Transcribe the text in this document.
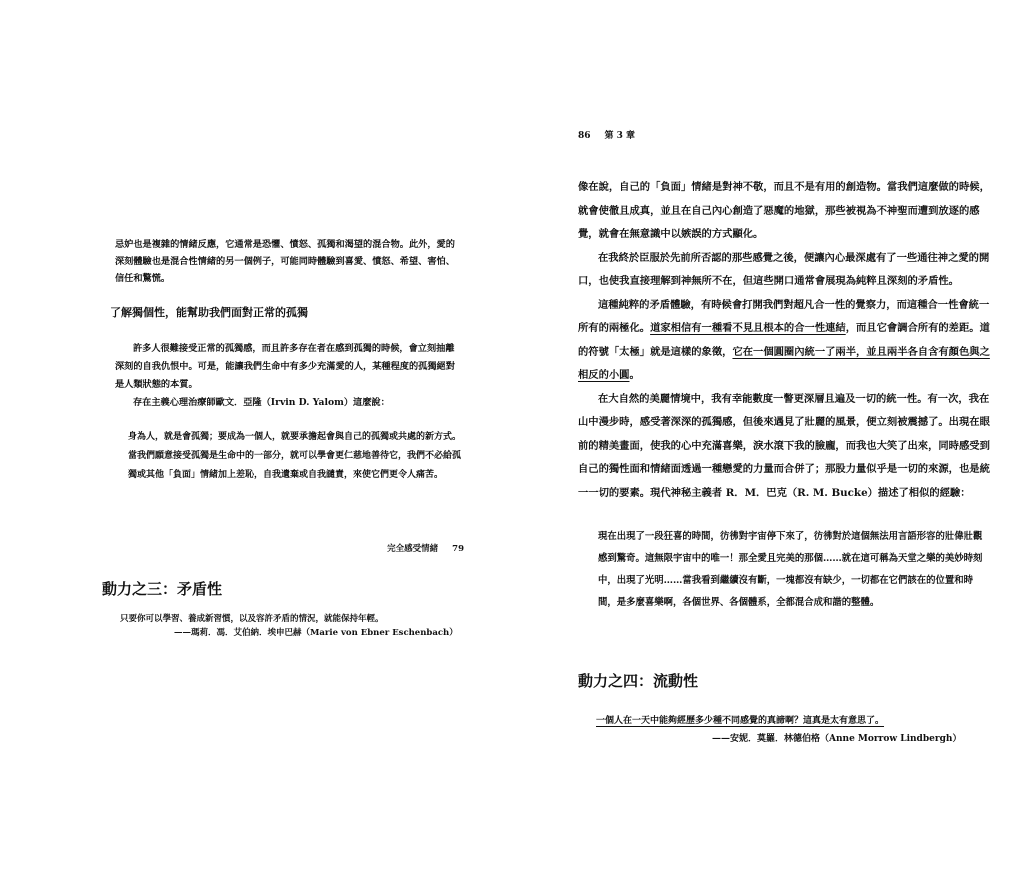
忌妒也是複雜的情緒反應，它通常是恐懼、憤怒、孤獨和渴望的混合物。此外，愛的深刻體驗也是混合性情緒的另一個例子，可能同時體驗到喜愛、憤怒、希望、害怕、信任和驚慌。

了解獨個性，能幫助我們面對正常的孤獨

許多人很難接受正常的孤獨感，而且許多存在者在感到孤獨的時候，會立刻抽離深刻的自我仇恨中。可是，能讓我們生命中有多少充滿愛的人，某種程度的孤獨絕對是人類狀態的本質。

存在主義心理治療師歐文．亞隆（Irvin D. Yalom）這麼說：

身為人，就是會孤獨；要成為一個人，就要承擔起會與自己的孤獨或共處的新方式。當我們願意接受孤獨是生命中的一部分，就可以學會更仁慈地善待它，我們不必給孤獨或其他「負面」情緒加上差恥，自我遺棄或自我譴責，來使它們更令人痛苦。

完全感受情緒 79
動力之三：矛盾性
只要你可以學習、養成新習慣，以及容許矛盾的情況，就能保持年輕。
——瑪莉．馮．艾伯納．埃申巴赫（Marie von Ebner Eschenbach）
86 第 3 章

像在說，自己的「負面」情緒是對神不敬，而且不是有用的創造物。當我們這麼做的時候，就會使徹且成真，並且在自己內心創造了惡魔的地獄，那些被視為不神聖而遭到放逐的感覺，就會在無意識中以嫉誤的方式顯化。

在我終於臣服於先前所否認的那些感覺之後，便讓內心最深處有了一些通往神之愛的開口，也使我直接理解到神無所不在，但這些開口通常會展現為純粹且深刻的矛盾性。

這種純粹的矛盾體驗，有時候會打開我們對超凡合一性的覺察力，而這種合一性會統一所有的兩極化。道家相信有一種看不見且根本的合一性連結，而且它會調合所有的差距。道的符號「太極」就是這樣的象徵，它在一個圓圈內統一了兩半，並且兩半各自含有顏色與之相反的小圓。

在大自然的美麗情境中，我有幸能數度一瞥更深層且遍及一切的統一性。有一次，我在山中漫步時，感受著深深的孤獨感，但後來遇見了壯麗的風景，便立刻被震撼了。出現在眼前的精美畫面，使我的心中充滿喜樂，淚水滾下我的臉龐，而我也大笑了出來，同時感受到自己的獨性面和情緒面透過一種戀愛的力量而合併了；那股力量似乎是一切的來源，也是統一一切的要素。現代神秘主義者 R．M．巴克（R. M. Bucke）描述了相似的經驗：

現在出現了一段狂喜的時間，彷彿對宇宙停下來了，彷彿對於這個無法用言語形容的壯偉壯觀感到驚奇。這無限宇宙中的唯一！那全愛且完美的那個……就在這可稱為天堂之樂的美妙時刻中，出現了光明……當我看到繼續沒有斷，一塊都沒有缺少，一切都在它們該在的位置和時間，是多麼喜樂啊，各個世界、各個體系，全都混合成和諧的整體。

動力之四：流動性
一個人在一天中能夠經歷多少種不同感覺的真諦啊？這真是太有意思了。
——安妮．莫羅．林德伯格（Anne Morrow Lindbergh）
